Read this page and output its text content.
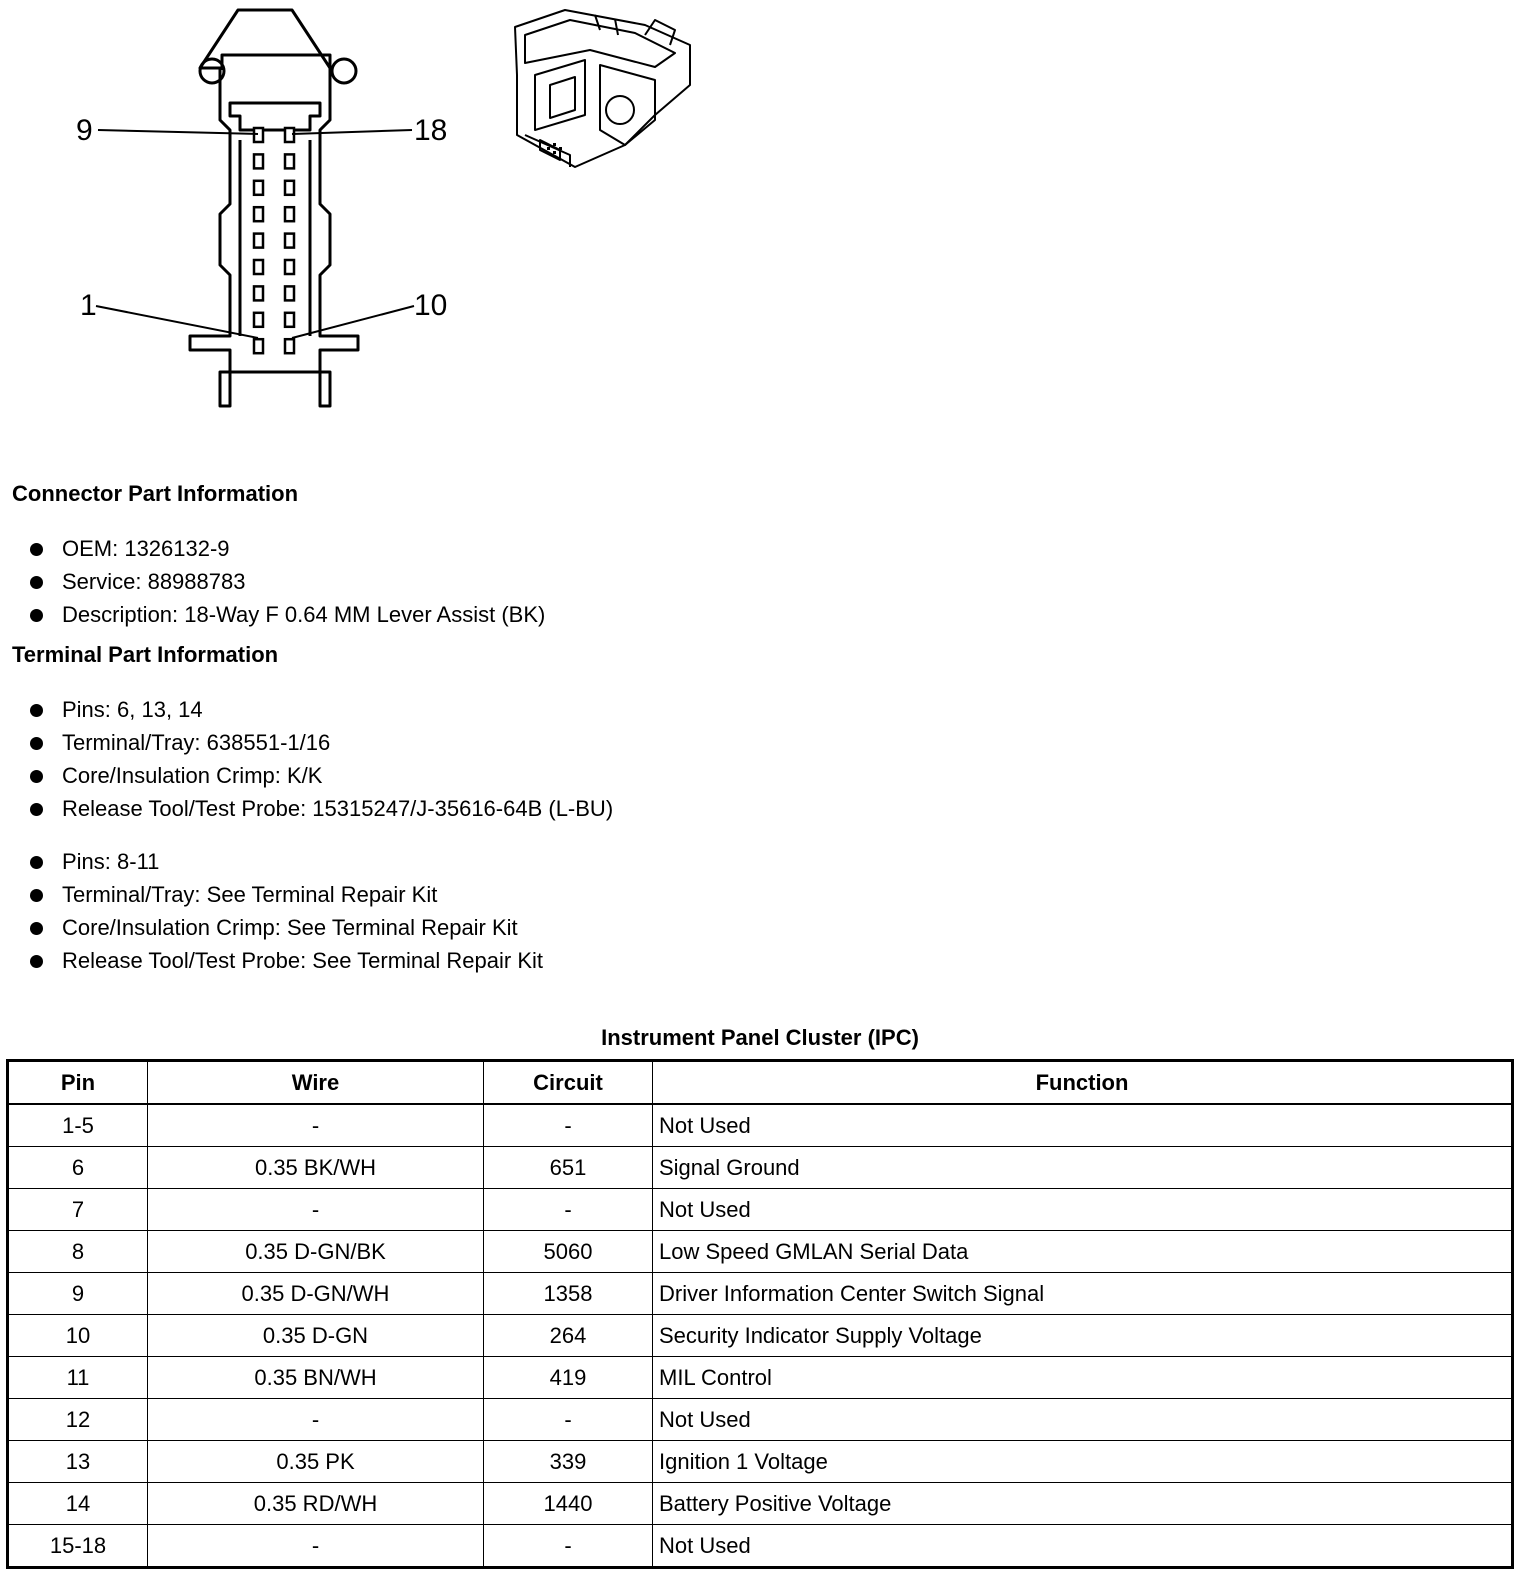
9	18
1	10
Connector Part Information
OEM: 1326132-9
Service: 88988783
Description: 18-Way F 0.64 MM Lever Assist (BK)
Terminal Part Information
Pins: 6, 13, 14
Terminal/Tray: 638551-1/16
Core/Insulation Crimp: K/K
Release Tool/Test Probe: 15315247/J-35616-64B (L-BU)
Pins: 8-11
Terminal/Tray: See Terminal Repair Kit
Core/Insulation Crimp: See Terminal Repair Kit
Release Tool/Test Probe: See Terminal Repair Kit
Instrument Panel Cluster (IPC)
Pin	Wire	Circuit	Function
1-5	-	-	Not Used
6	0.35 BK/WH	651	Signal Ground
7	-	-	Not Used
8	0.35 D-GN/BK	5060	Low Speed GMLAN Serial Data
9	0.35 D-GN/WH	1358	Driver Information Center Switch Signal
10	0.35 D-GN	264	Security Indicator Supply Voltage
11	0.35 BN/WH	419	MIL Control
12	-	-	Not Used
13	0.35 PK	339	Ignition 1 Voltage
14	0.35 RD/WH	1440	Battery Positive Voltage
15-18	-	-	Not Used
